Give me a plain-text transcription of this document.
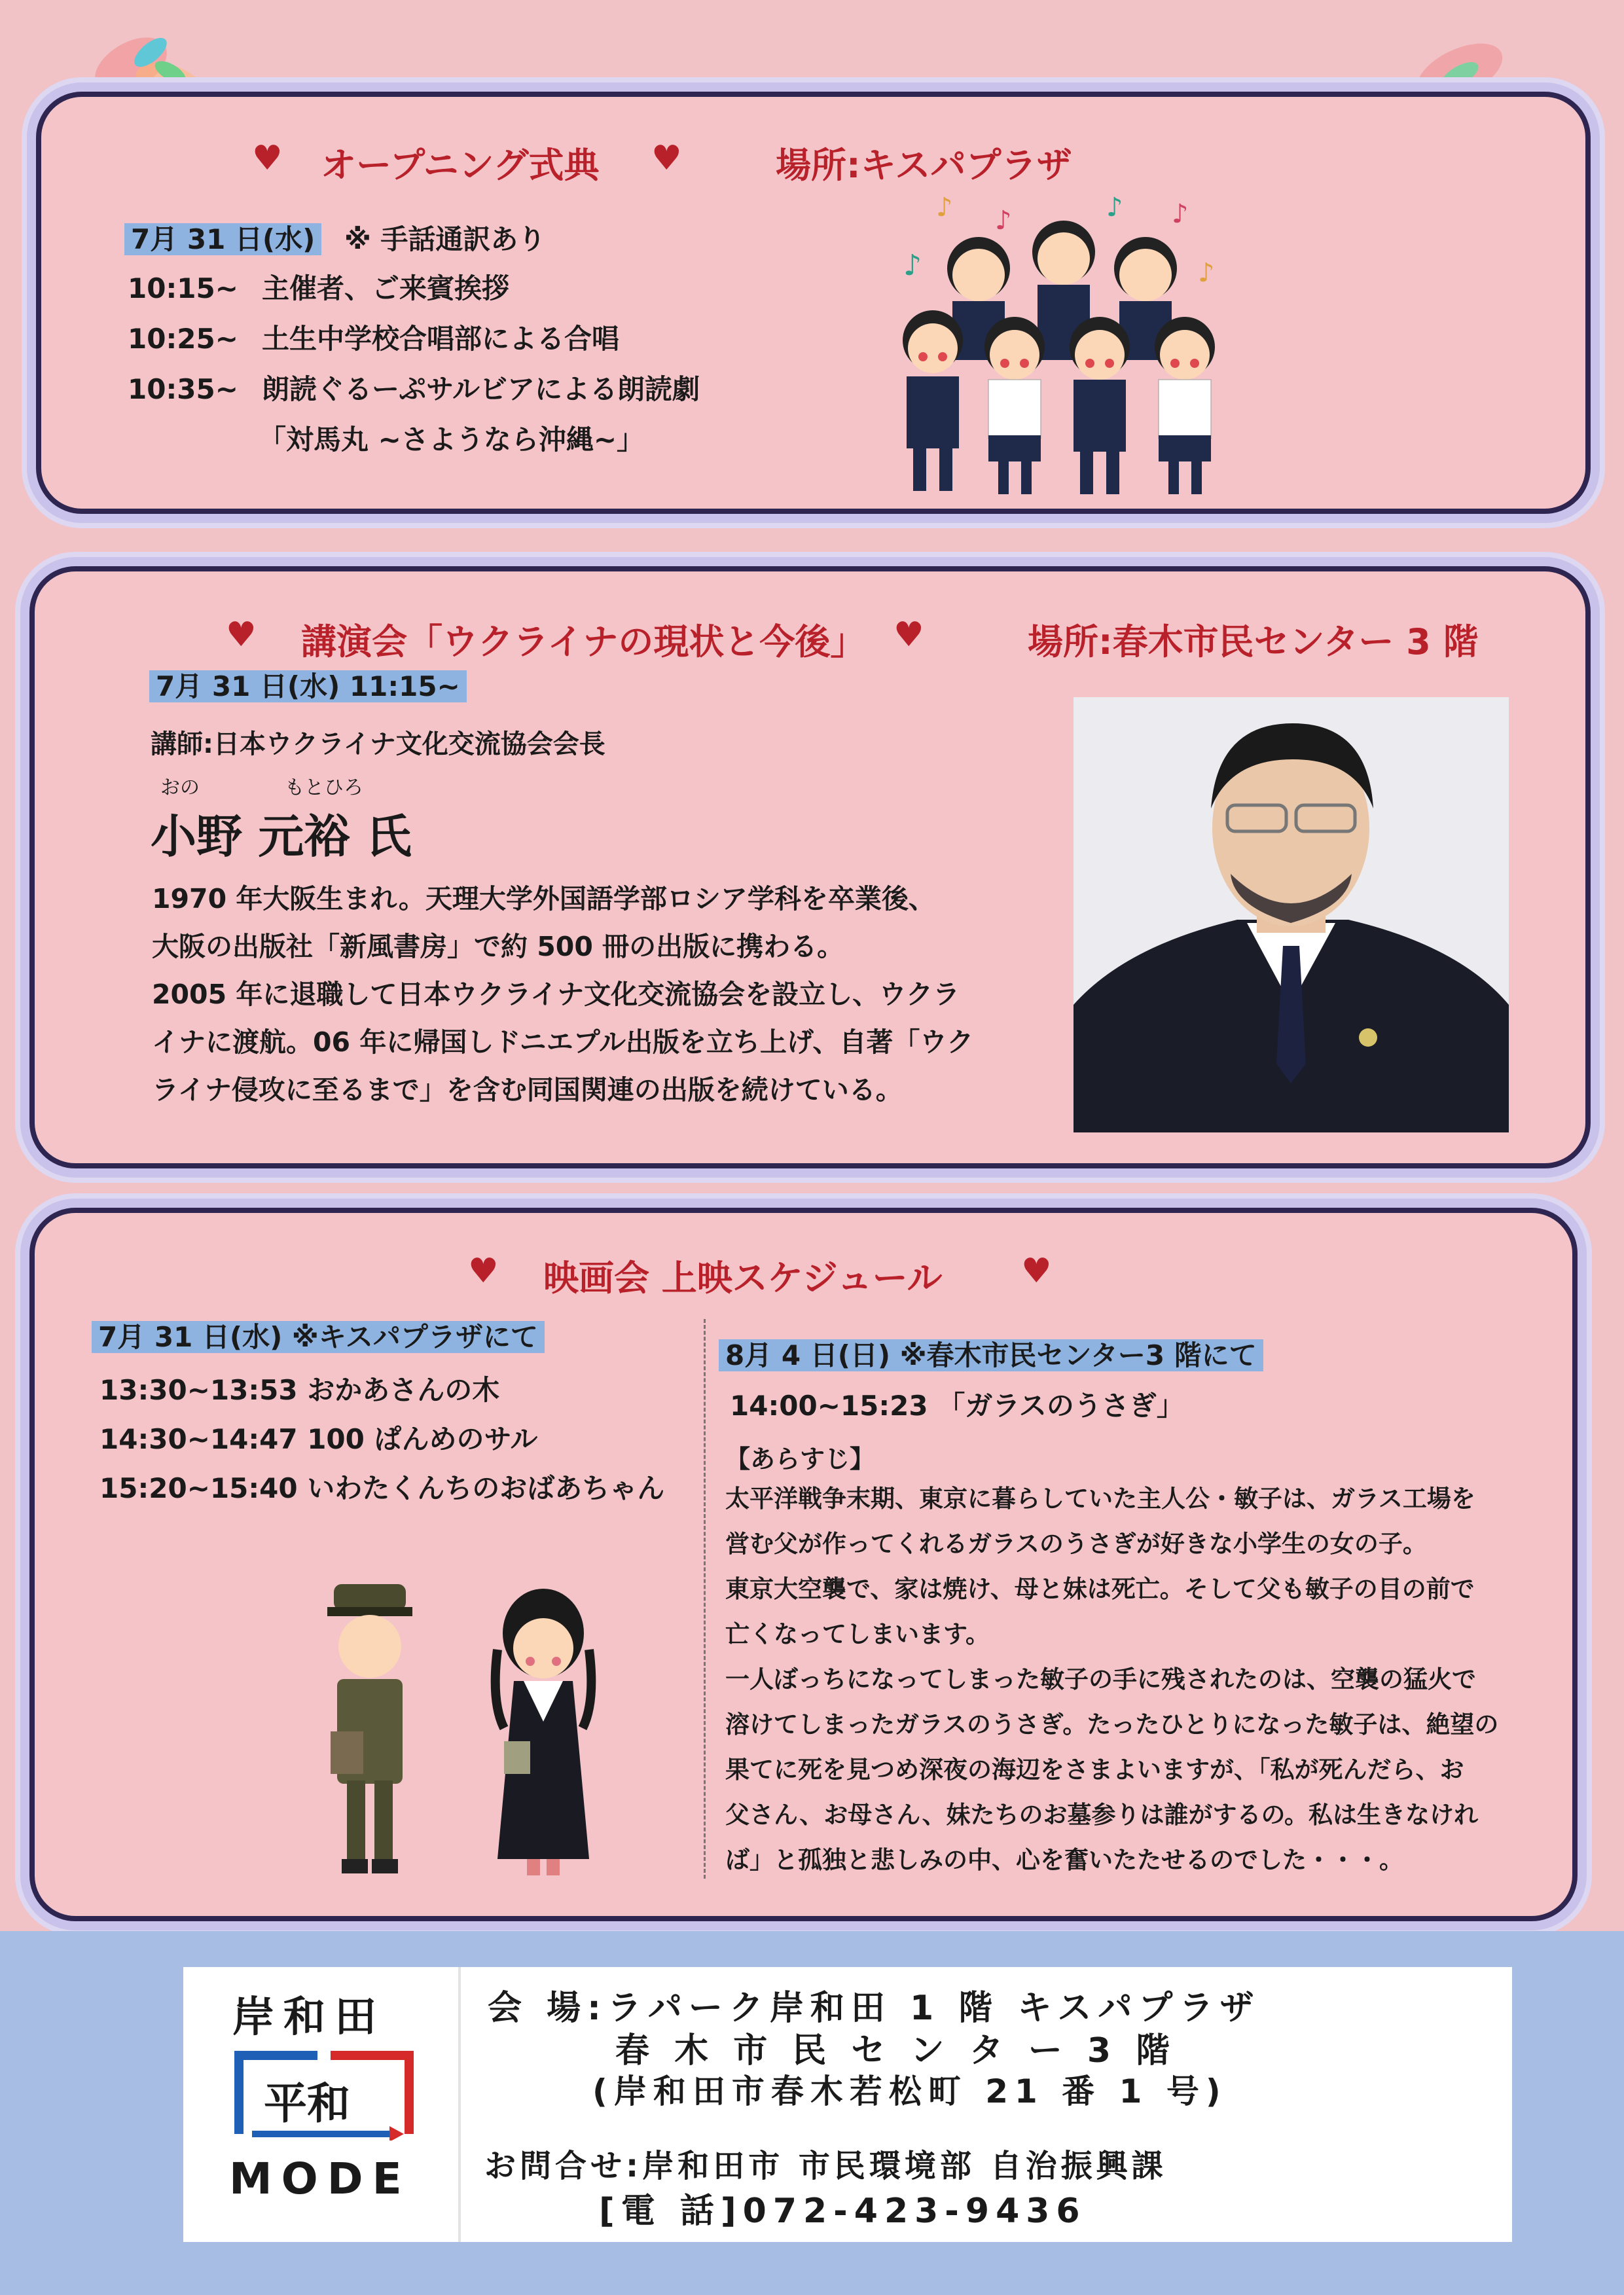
♥ オープニング式典 ♥	場所:キスパプラザ
7月 31 日(水) ※ 手話通訳あり
10:15~ 主催者、ご来賓挨拶
10:25~ 土生中学校合唱部による合唱
10:35~ 朗読ぐるーぷサルビアによる朗読劇
「対馬丸 ~さようなら沖縄~」
♪
♪ ♪	♪ ♪
♪
♥ 講演会「ウクライナの現状と今後」 ♥	場所:春木市民センター 3 階
7月 31 日(水) 11:15~
講師:日本ウクライナ文化交流協会会長
おの	もとひろ
小野 元裕 氏
1970 年大阪生まれ。天理大学外国語学部ロシア学科を卒業後、
大阪の出版社「新風書房」で約 500 冊の出版に携わる。
2005 年に退職して日本ウクライナ文化交流協会を設立し、ウクラ
イナに渡航。06 年に帰国しドニエプル出版を立ち上げ、自著「ウク
ライナ侵攻に至るまで」を含む同国関連の出版を続けている。
♥ 映画会 上映スケジュール ♥
7月 31 日(水) ※キスパプラザにて
13:30~13:53 おかあさんの木
14:30~14:47 100 ぱんめのサル
15:20~15:40 いわたくんちのおばあちゃん
8月 4 日(日) ※春木市民センター3 階にて
14:00~15:23 「ガラスのうさぎ」
【あらすじ】
太平洋戦争末期、東京に暮らしていた主人公・敏子は、ガラス工場を
営む父が作ってくれるガラスのうさぎが好きな小学生の女の子。
東京大空襲で、家は焼け、母と妹は死亡。そして父も敏子の目の前で
亡くなってしまいます。
一人ぼっちになってしまった敏子の手に残されたのは、空襲の猛火で
溶けてしまったガラスのうさぎ。たったひとりになった敏子は、絶望の
果てに死を見つめ深夜の海辺をさまよいますが、「私が死んだら、お
父さん、お母さん、妹たちのお墓参りは誰がするの。私は生きなけれ
ば」と孤独と悲しみの中、心を奮いたたせるのでした・・・。
岸和田
平和
MODE
会 場:ラパーク岸和田 1 階 キスパプラザ
春 木 市 民 セ ン タ ー 3 階
(岸和田市春木若松町 21 番 1 号)
お問合せ:岸和田市 市民環境部 自治振興課
[電 話]072-423-9436
